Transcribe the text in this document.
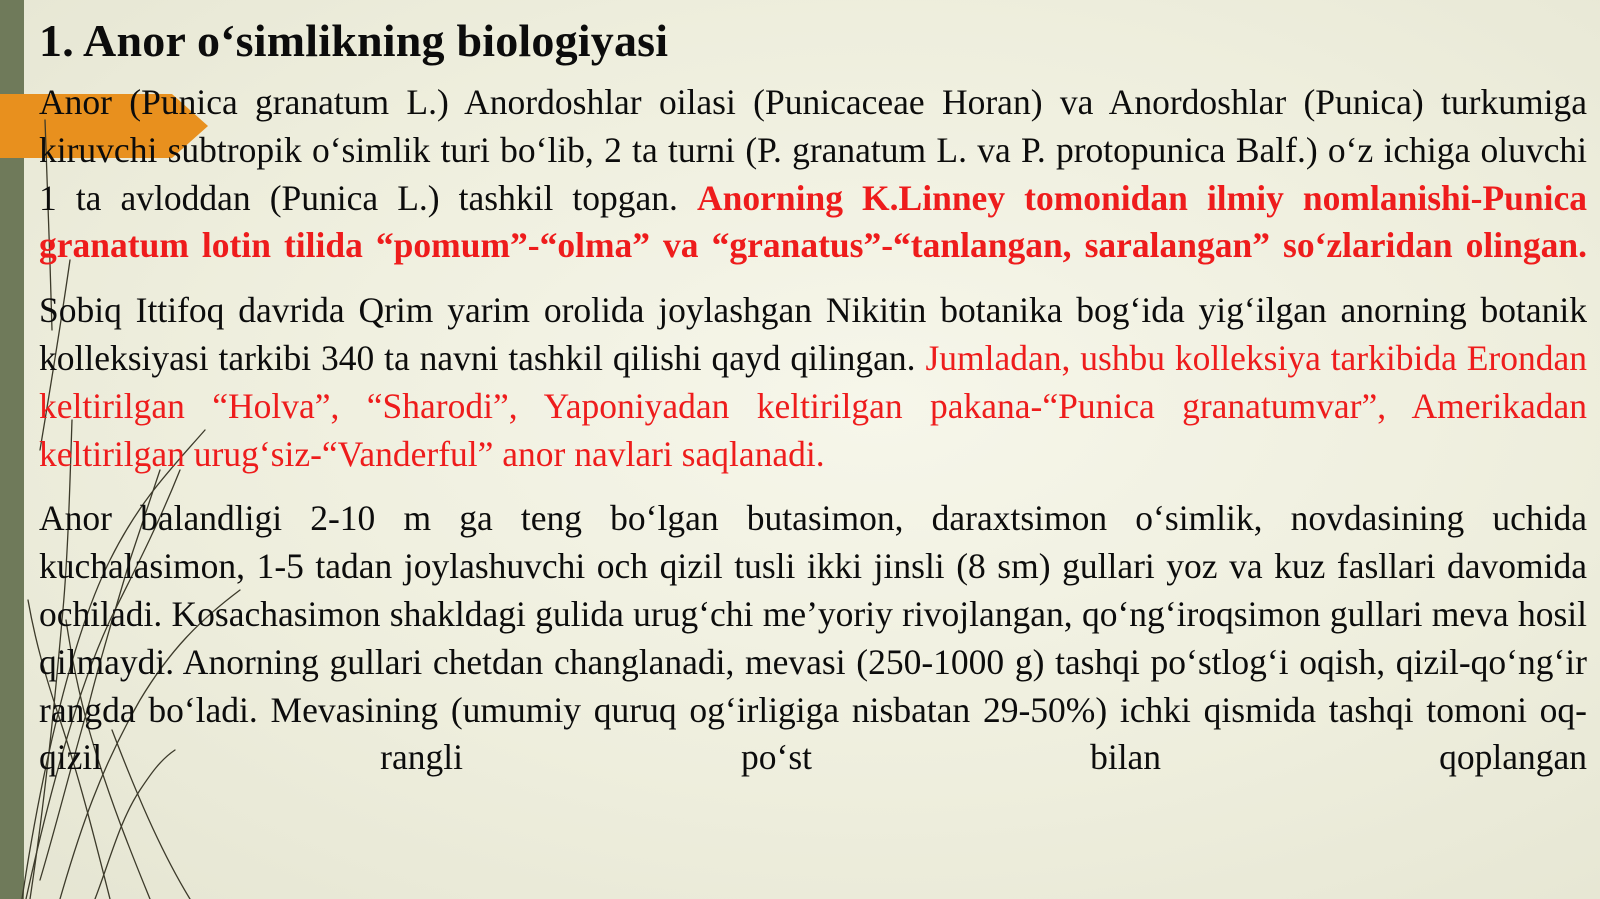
1. Anor o‘simlikning biologiyasi

Anor (Punica granatum L.) Anordoshlar oilasi (Punicaceae Horan) va Anordoshlar (Punica) turkumiga kiruvchi subtropik o‘simlik turi bo‘lib, 2 ta turni (P. granatum L. va P. protopunica Balf.) o‘z ichiga oluvchi 1 ta avloddan (Punica L.) tashkil topgan. Anorning K.Linney tomonidan ilmiy nomlanishi-Punica granatum lotin tilida “pomum”-“olma” va “granatus”-“tanlangan, saralangan” so‘zlaridan olingan.

Sobiq Ittifoq davrida Qrim yarim orolida joylashgan Nikitin botanika bog‘ida yig‘ilgan anorning botanik kolleksiyasi tarkibi 340 ta navni tashkil qilishi qayd qilingan. Jumladan, ushbu kolleksiya tarkibida Erondan keltirilgan “Holva”, “Sharodi”, Yaponiyadan keltirilgan pakana-“Punica granatumvar”, Amerikadan keltirilgan urug‘siz-“Vanderful” anor navlari saqlanadi.

Anor balandligi 2-10 m ga teng bo‘lgan butasimon, daraxtsimon o‘simlik, novdasining uchida kuchalasimon, 1-5 tadan joylashuvchi och qizil tusli ikki jinsli (8 sm) gullari yoz va kuz fasllari davomida ochiladi. Kosachasimon shakldagi gulida urug‘chi me’yoriy rivojlangan, qo‘ng‘iroqsimon gullari meva hosil qilmaydi. Anorning gullari chetdan changlanadi, mevasi (250-1000 g) tashqi po‘stlog‘i oqish, qizil-qo‘ng‘ir rangda bo‘ladi. Mevasining (umumiy quruq og‘irligiga nisbatan 29-50%) ichki qismida tashqi tomoni oq-qizil rangli po‘st bilan qoplangan
